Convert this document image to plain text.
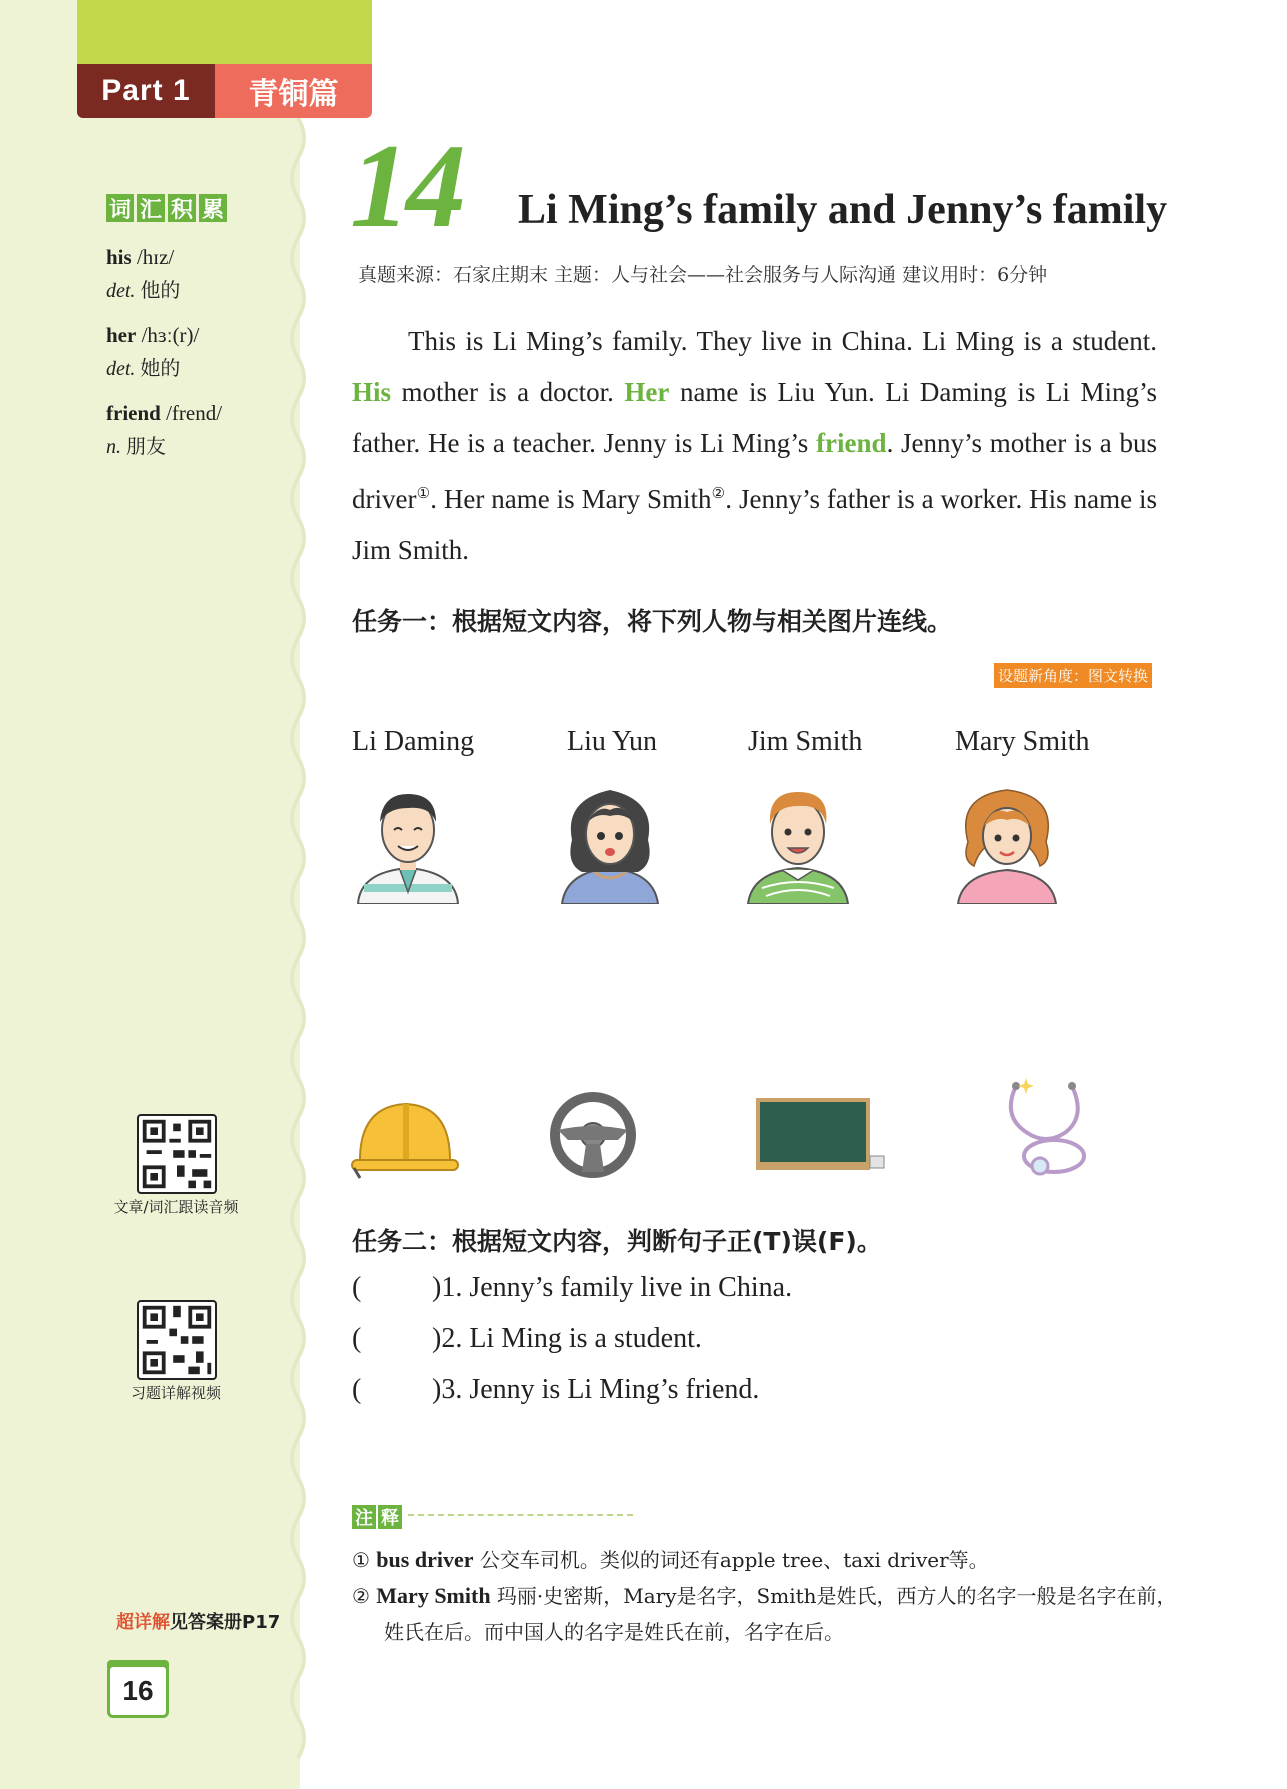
Part 1	青铜篇
词 汇 积 累
his /hɪz/
det. 他的
her /hɜː(r)/
det. 她的
friend /frend/
n. 朋友
文章/词汇跟读音频
习题详解视频
超详解见答案册P17
16
14 Li Ming’s family and Jenny’s family
真题来源：石家庄期末 主题：人与社会——社会服务与人际沟通 建议用时：6分钟
This is Li Ming’s family. They live in China. Li Ming is a student. His mother is a doctor. Her name is Liu Yun. Li Daming is Li Ming’s father. He is a teacher. Jenny is Li Ming’s friend. Jenny’s mother is a bus driver①. Her name is Mary Smith②. Jenny’s father is a worker. His name is Jim Smith.
任务一：根据短文内容，将下列人物与相关图片连线。
设题新角度：图文转换
Li Daming	Liu Yun	Jim Smith	Mary Smith
任务二：根据短文内容，判断句子正(T)误(F)。
(	)1. Jenny’s family live in China.
(	)2. Li Ming is a student.
(	)3. Jenny is Li Ming’s friend.
注 释
① bus driver 公交车司机。类似的词还有apple tree、taxi driver等。
② Mary Smith 玛丽·史密斯，Mary是名字，Smith是姓氏，西方人的名字一般是名字在前，姓氏在后。而中国人的名字是姓氏在前，名字在后。
